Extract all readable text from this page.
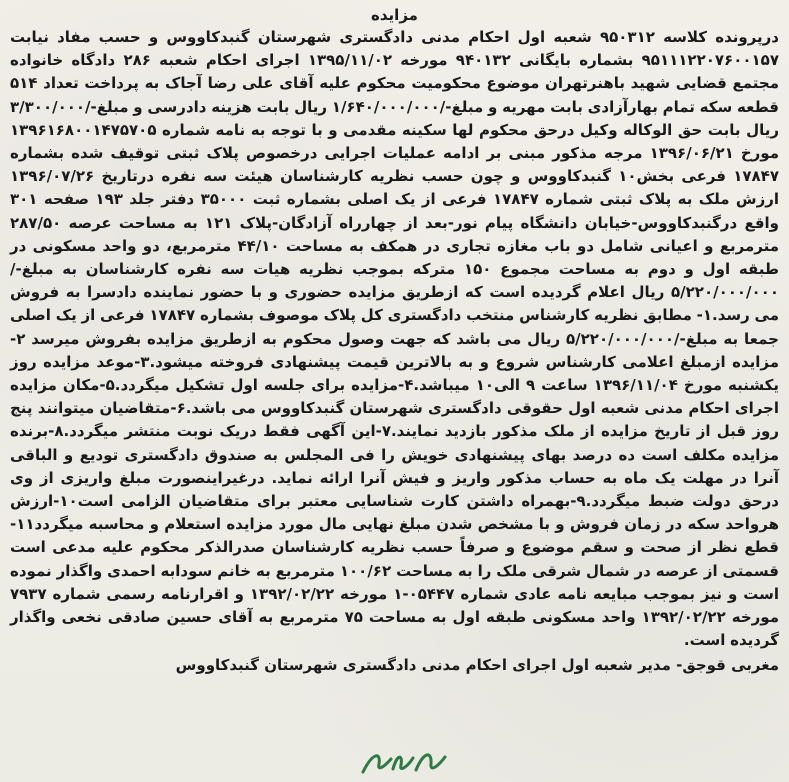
مزایده

درپرونده کلاسه ۹۵۰۳۱۲ شعبه اول احکام مدنی دادگستری شهرستان گنبدکاووس و حسب مفاد نیابت ۹۵۱۱۱۲۲۰۷۶۰۰۱۵۷ بشماره بایگانی ۹۴۰۱۳۲ مورخه ۱۳۹۵/۱۱/۰۲ اجرای احکام شعبه ۲۸۶ دادگاه خانواده مجتمع قضایی شهید باهنرتهران موضوع محکومیت محکوم علیه آقای علی رضا آجاک به پرداخت تعداد ۵۱۴ قطعه سکه تمام بهارآزادی بابت مهریه و مبلغ-/۱/۶۴۰/۰۰۰/۰۰۰ ریال بابت هزینه دادرسی و مبلغ-/۳/۳۰۰/۰۰۰ ریال بابت حق الوکاله وکیل درحق محکوم لها سکینه مقدمی و با توجه به نامه شماره ۱۳۹۶۱۶۸۰۰۱۴۷۵۷۰۵ مورخ ۱۳۹۶/۰۶/۲۱ مرجه مذکور مبنی بر ادامه عملیات اجرایی درخصوص پلاک ثبتی توقیف شده بشماره ۱۷۸۴۷ فرعی بخش۱۰ گنبدکاووس و چون حسب نظریه کارشناسان هیئت سه نفره درتاریخ ۱۳۹۶/۰۷/۲۶ ارزش ملک به پلاک ثبتی شماره ۱۷۸۴۷ فرعی از یک اصلی بشماره ثبت ۳۵۰۰۰ دفتر جلد ۱۹۳ صفحه ۳۰۱ واقع درگنبدکاووس-خیابان دانشگاه پیام نور-بعد از چهارراه آزادگان-پلاک ۱۲۱ به مساحت عرصه ۲۸۷/۵۰ مترمربع و اعیانی شامل دو باب مغازه تجاری در همکف به مساحت ۴۴/۱۰ مترمربع، دو واحد مسکونی در طبقه اول و دوم به مساحت مجموع ۱۵۰ مترکه بموجب نظریه هیات سه نفره کارشناسان به مبلغ-/۵/۲۲۰/۰۰۰/۰۰۰ ریال اعلام گردیده است که ازطریق مزایده حضوری و با حضور نماینده دادسرا به فروش می رسد.۱- مطابق نظریه کارشناس منتخب دادگستری کل پلاک موصوف بشماره ۱۷۸۴۷ فرعی از یک اصلی جمعا به مبلغ-/۵/۲۲۰/۰۰۰/۰۰۰ ریال می باشد که جهت وصول محکوم به ازطریق مزایده بفروش میرسد ۲-مزایده ازمبلغ اعلامی کارشناس شروع و به بالاترین قیمت پیشنهادی فروخته میشود.۳-موعد مزایده روز یکشنبه مورخ ۱۳۹۶/۱۱/۰۴ ساعت ۹ الی۱۰ میباشد.۴-مزایده برای جلسه اول تشکیل میگردد.۵-مکان مزایده اجرای احکام مدنی شعبه اول حقوقی دادگستری شهرستان گنبدکاووس می باشد.۶-متقاضیان میتوانند پنج روز قبل از تاریخ مزایده از ملک مذکور بازدید نمایند.۷-این آگهی فقط دریک نوبت منتشر میگردد.۸-برنده مزایده مکلف است ده درصد بهای پیشنهادی خویش را فی المجلس به صندوق دادگستری تودیع و الباقی آنرا در مهلت یک ماه به حساب مذکور واریز و فیش آنرا ارائه نماید. درغیراینصورت مبلغ واریزی از وی درحق دولت ضبط میگردد.۹-بهمراه داشتن کارت شناسایی معتبر برای متقاضیان الزامی است۱۰-ارزش هرواحد سکه در زمان فروش و با مشخص شدن مبلغ نهایی مال مورد مزایده استعلام و محاسبه میگردد۱۱- قطع نظر از صحت و سقم موضوع و صرفاً حسب نظریه کارشناسان صدرالذکر محکوم علیه مدعی است قسمتی از عرصه در شمال شرقی ملک را به مساحت ۱۰۰/۶۲ مترمربع به خانم سودابه احمدی واگذار نموده است و نیز بموجب مبایعه نامه عادی شماره ۰۵۴۴۷-۱ مورخه ۱۳۹۲/۰۲/۲۲ و اقرارنامه رسمی شماره ۷۹۳۷ مورخه ۱۳۹۲/۰۲/۲۲ واحد مسکونی طبقه اول به مساحت ۷۵ مترمربع به آقای حسین صادقی نخعی واگذار گردیده است.

مغربی قوجق- مدیر شعبه اول اجرای احکام مدنی دادگستری شهرستان گنبدکاووس
